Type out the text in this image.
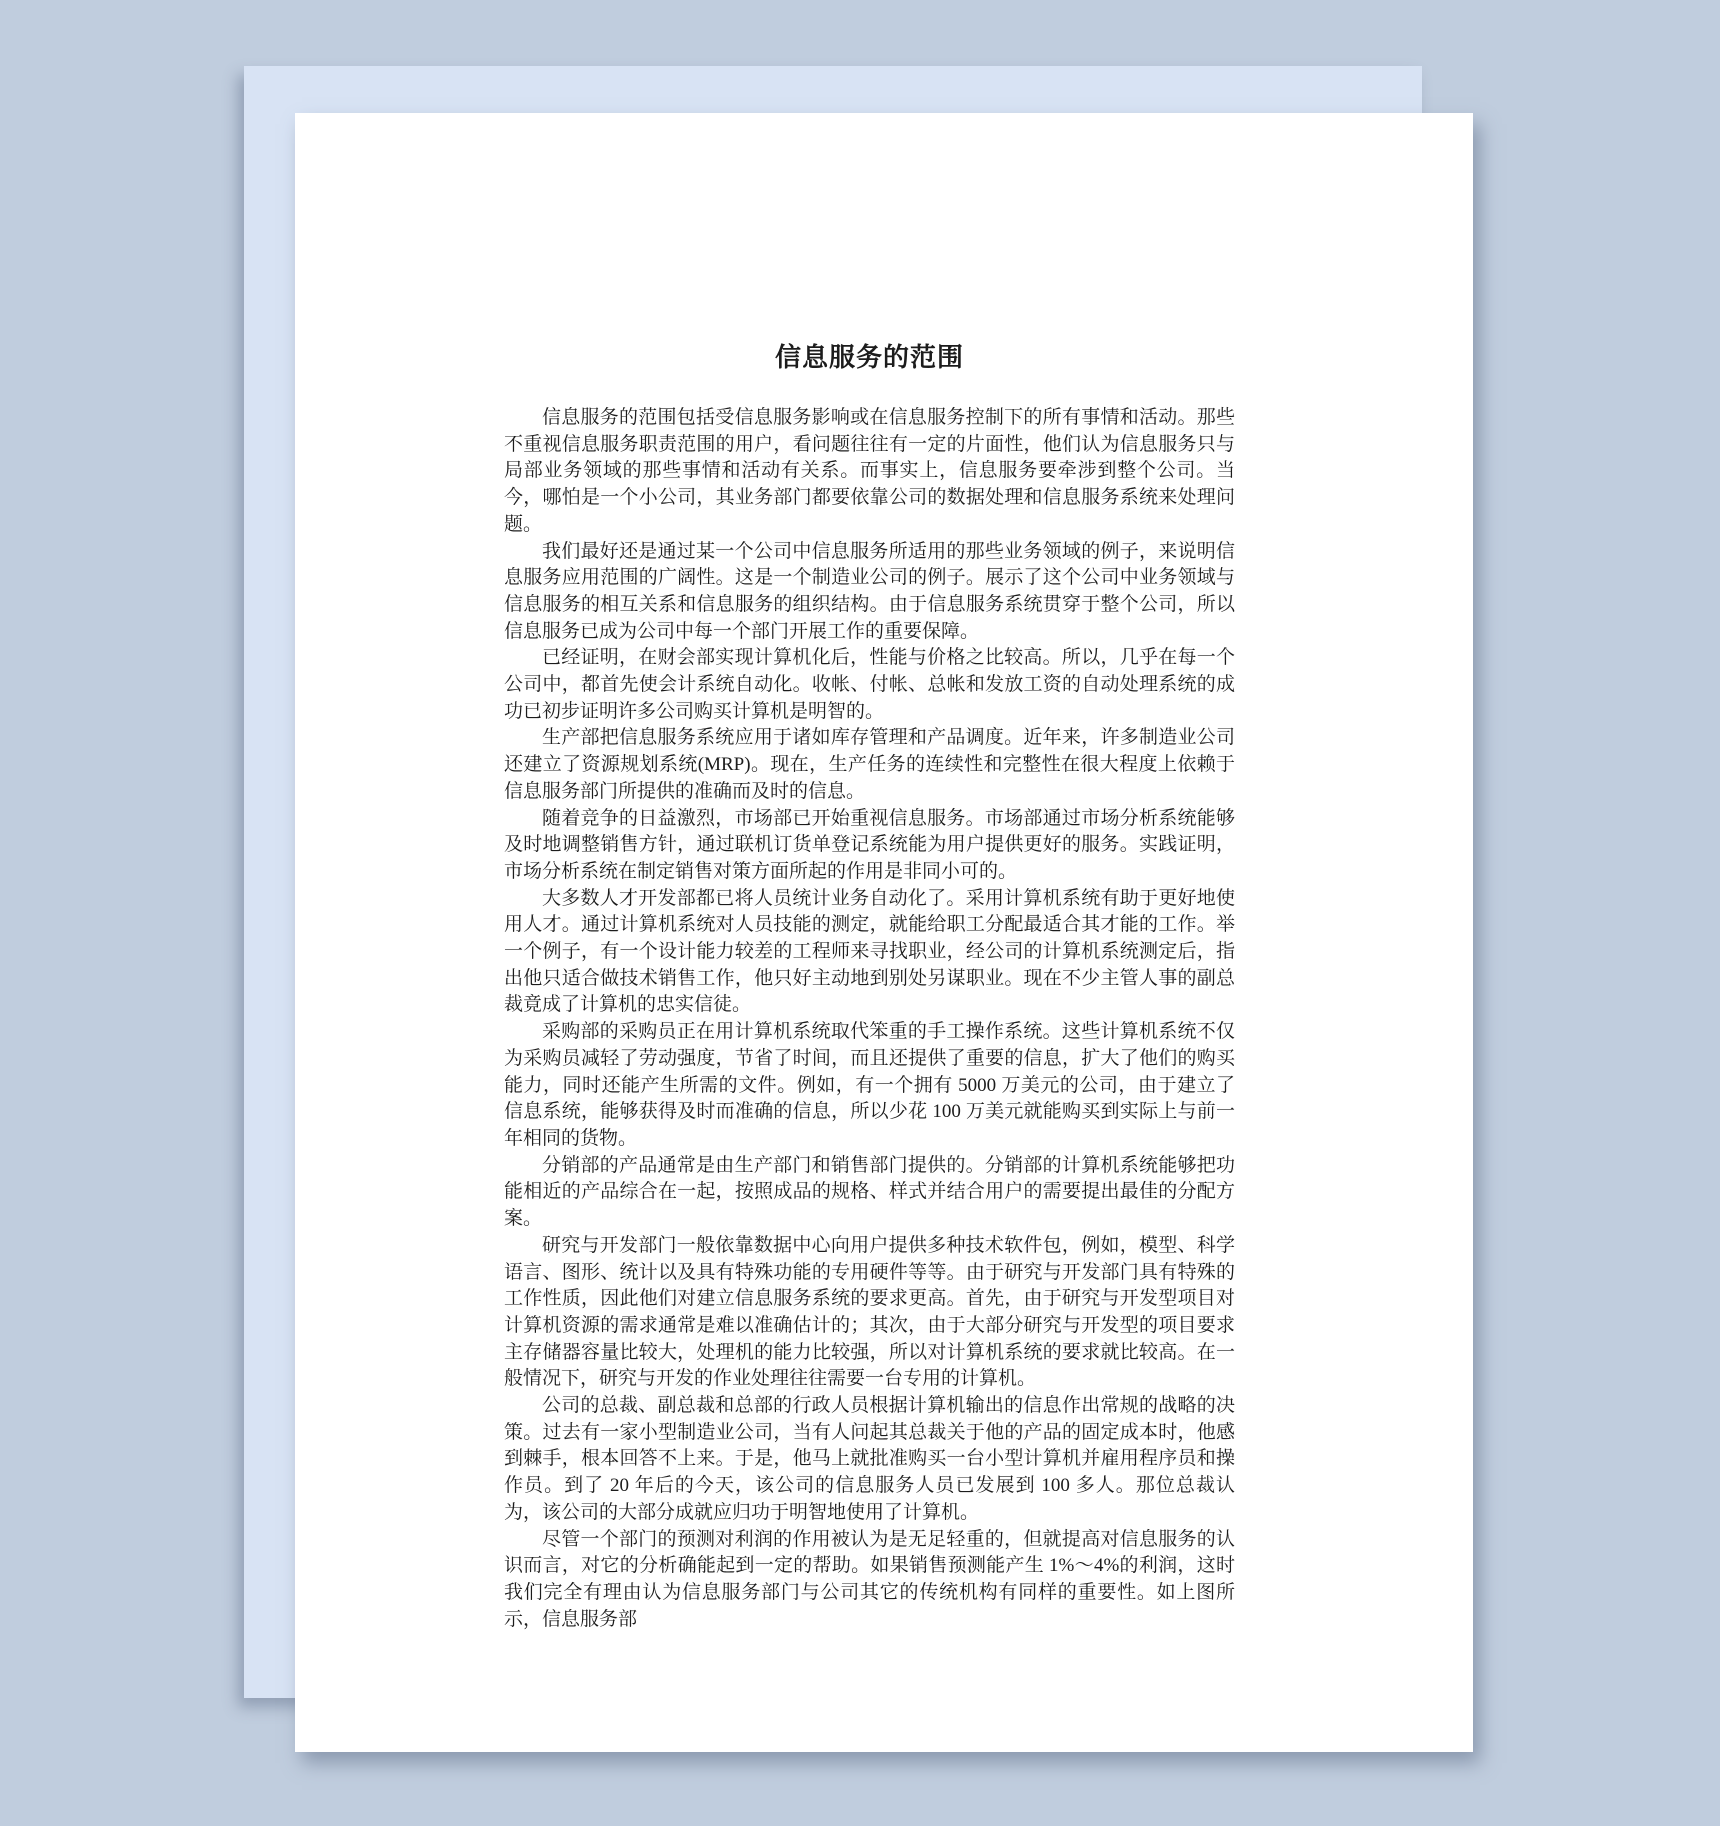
信息服务的范围

信息服务的范围包括受信息服务影响或在信息服务控制下的所有事情和活动。那些不重视信息服务职责范围的用户，看问题往往有一定的片面性，他们认为信息服务只与局部业务领域的那些事情和活动有关系。而事实上，信息服务要牵涉到整个公司。当今，哪怕是一个小公司，其业务部门都要依靠公司的数据处理和信息服务系统来处理问题。

我们最好还是通过某一个公司中信息服务所适用的那些业务领域的例子，来说明信息服务应用范围的广阔性。这是一个制造业公司的例子。展示了这个公司中业务领域与信息服务的相互关系和信息服务的组织结构。由于信息服务系统贯穿于整个公司，所以信息服务已成为公司中每一个部门开展工作的重要保障。

已经证明，在财会部实现计算机化后，性能与价格之比较高。所以，几乎在每一个公司中，都首先使会计系统自动化。收帐、付帐、总帐和发放工资的自动处理系统的成功已初步证明许多公司购买计算机是明智的。

生产部把信息服务系统应用于诸如库存管理和产品调度。近年来，许多制造业公司还建立了资源规划系统(MRP)。现在，生产任务的连续性和完整性在很大程度上依赖于信息服务部门所提供的准确而及时的信息。

随着竞争的日益激烈，市场部已开始重视信息服务。市场部通过市场分析系统能够及时地调整销售方针，通过联机订货单登记系统能为用户提供更好的服务。实践证明，市场分析系统在制定销售对策方面所起的作用是非同小可的。

大多数人才开发部都已将人员统计业务自动化了。采用计算机系统有助于更好地使用人才。通过计算机系统对人员技能的测定，就能给职工分配最适合其才能的工作。举一个例子，有一个设计能力较差的工程师来寻找职业，经公司的计算机系统测定后，指出他只适合做技术销售工作，他只好主动地到别处另谋职业。现在不少主管人事的副总裁竟成了计算机的忠实信徒。

采购部的采购员正在用计算机系统取代笨重的手工操作系统。这些计算机系统不仅为采购员减轻了劳动强度，节省了时间，而且还提供了重要的信息，扩大了他们的购买能力，同时还能产生所需的文件。例如，有一个拥有 5000 万美元的公司，由于建立了信息系统，能够获得及时而准确的信息，所以少花 100 万美元就能购买到实际上与前一年相同的货物。

分销部的产品通常是由生产部门和销售部门提供的。分销部的计算机系统能够把功能相近的产品综合在一起，按照成品的规格、样式并结合用户的需要提出最佳的分配方案。

研究与开发部门一般依靠数据中心向用户提供多种技术软件包，例如，模型、科学语言、图形、统计以及具有特殊功能的专用硬件等等。由于研究与开发部门具有特殊的工作性质，因此他们对建立信息服务系统的要求更高。首先，由于研究与开发型项目对计算机资源的需求通常是难以准确估计的；其次，由于大部分研究与开发型的项目要求主存储器容量比较大，处理机的能力比较强，所以对计算机系统的要求就比较高。在一般情况下，研究与开发的作业处理往往需要一台专用的计算机。

公司的总裁、副总裁和总部的行政人员根据计算机输出的信息作出常规的战略的决策。过去有一家小型制造业公司，当有人问起其总裁关于他的产品的固定成本时，他感到棘手，根本回答不上来。于是，他马上就批准购买一台小型计算机并雇用程序员和操作员。到了 20 年后的今天，该公司的信息服务人员已发展到 100 多人。那位总裁认为，该公司的大部分成就应归功于明智地使用了计算机。

尽管一个部门的预测对利润的作用被认为是无足轻重的，但就提高对信息服务的认识而言，对它的分析确能起到一定的帮助。如果销售预测能产生 1%～4%的利润，这时我们完全有理由认为信息服务部门与公司其它的传统机构有同样的重要性。如上图所示，信息服务部
